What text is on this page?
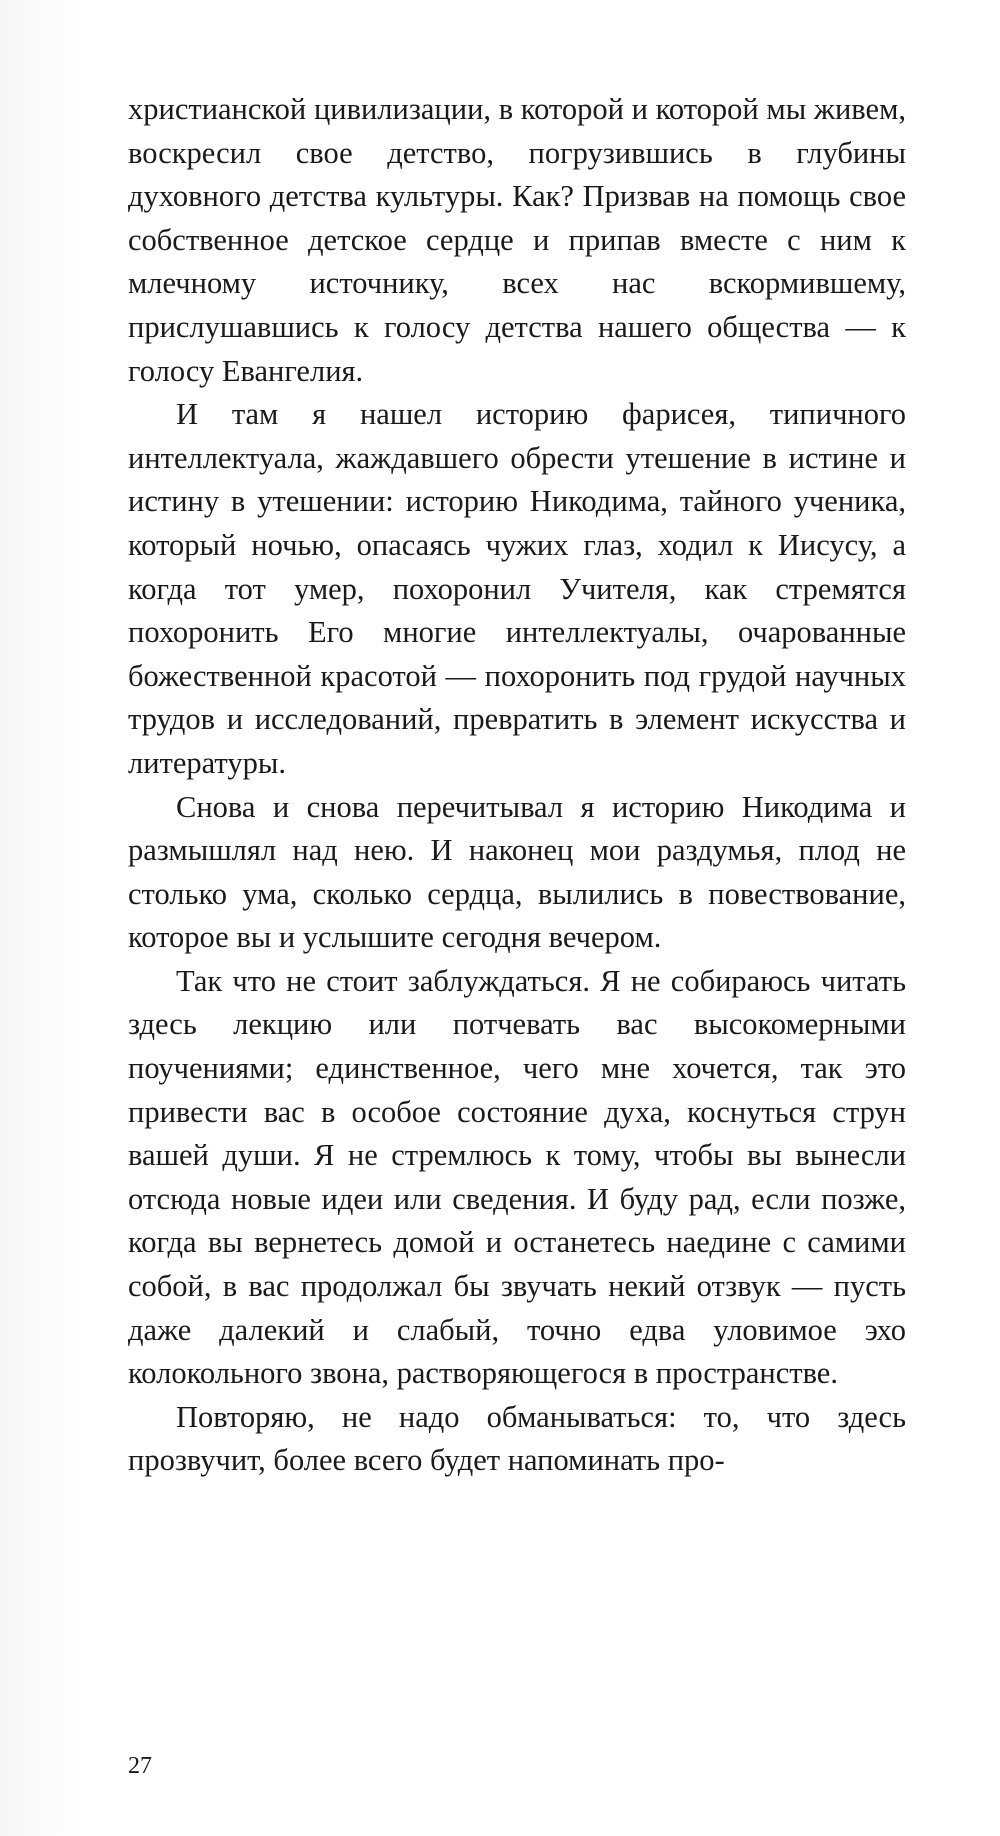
христианской цивилизации, в которой и которой мы живем, воскресил свое детство, погрузившись в глубины духовного детства культуры. Как? Призвав на помощь свое собственное детское сердце и припав вместе с ним к млечному источнику, всех нас вскормившему, прислушавшись к голосу детства нашего общества — к голосу Евангелия.

И там я нашел историю фарисея, типичного интеллектуала, жаждавшего обрести утешение в истине и истину в утешении: историю Никодима, тайного ученика, который ночью, опасаясь чужих глаз, ходил к Иисусу, а когда тот умер, похоронил Учителя, как стремятся похоронить Его многие интеллектуалы, очарованные божественной красотой — похоронить под грудой научных трудов и исследований, превратить в элемент искусства и литературы.

Снова и снова перечитывал я историю Никодима и размышлял над нею. И наконец мои раздумья, плод не столько ума, сколько сердца, вылились в повествование, которое вы и услышите сегодня вечером.

Так что не стоит заблуждаться. Я не собираюсь читать здесь лекцию или потчевать вас высокомерными поучениями; единственное, чего мне хочется, так это привести вас в особое состояние духа, коснуться струн вашей души. Я не стремлюсь к тому, чтобы вы вынесли отсюда новые идеи или сведения. И буду рад, если позже, когда вы вернетесь домой и останетесь наедине с самими собой, в вас продолжал бы звучать некий отзвук — пусть даже далекий и слабый, точно едва уловимое эхо колокольного звона, растворяющегося в пространстве.

Повторяю, не надо обманываться: то, что здесь прозвучит, более всего будет напоминать про-

27
